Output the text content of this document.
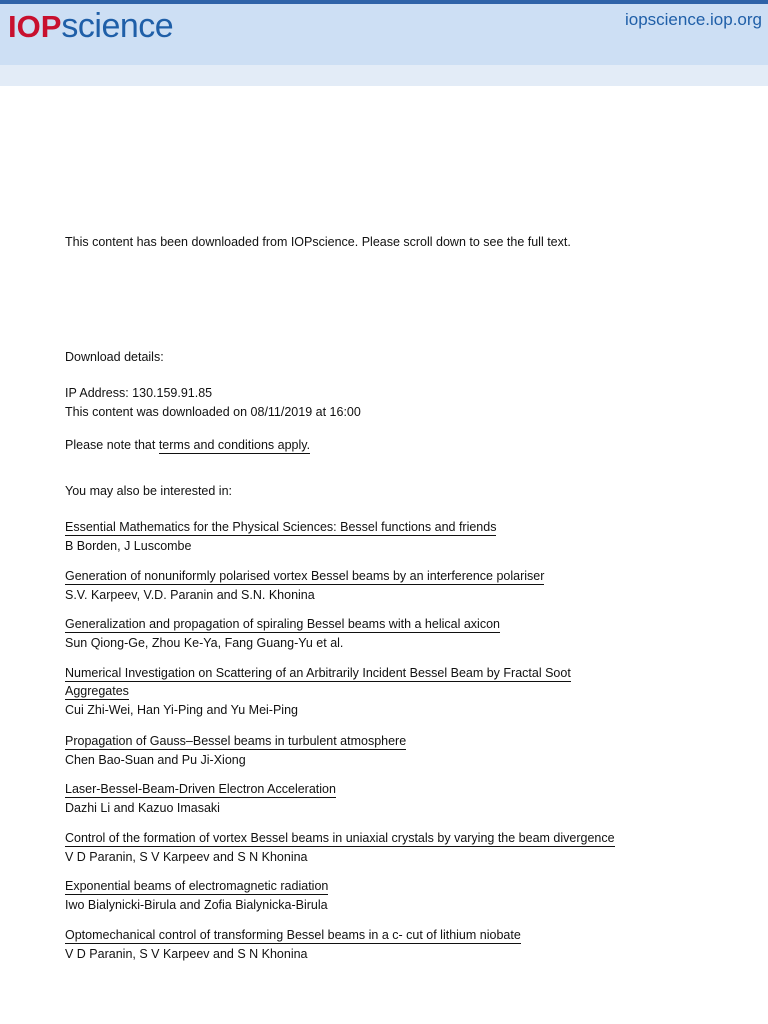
IOP science	iopscience.iop.org
This content has been downloaded from IOPscience. Please scroll down to see the full text.
Download details:
IP Address: 130.159.91.85
This content was downloaded on 08/11/2019 at 16:00
Please note that terms and conditions apply.
You may also be interested in:
Essential Mathematics for the Physical Sciences: Bessel functions and friends
B Borden, J Luscombe
Generation of nonuniformly polarised vortex Bessel beams by an interference polariser
S.V. Karpeev, V.D. Paranin and S.N. Khonina
Generalization and propagation of spiraling Bessel beams with a helical axicon
Sun Qiong-Ge, Zhou Ke-Ya, Fang Guang-Yu et al.
Numerical Investigation on Scattering of an Arbitrarily Incident Bessel Beam by Fractal Soot Aggregates
Cui Zhi-Wei, Han Yi-Ping and Yu Mei-Ping
Propagation of Gauss–Bessel beams in turbulent atmosphere
Chen Bao-Suan and Pu Ji-Xiong
Laser-Bessel-Beam-Driven Electron Acceleration
Dazhi Li and Kazuo Imasaki
Control of the formation of vortex Bessel beams in uniaxial crystals by varying the beam divergence
V D Paranin, S V Karpeev and S N Khonina
Exponential beams of electromagnetic radiation
Iwo Bialynicki-Birula and Zofia Bialynicka-Birula
Optomechanical control of transforming Bessel beams in a c- cut of lithium niobate
V D Paranin, S V Karpeev and S N Khonina
